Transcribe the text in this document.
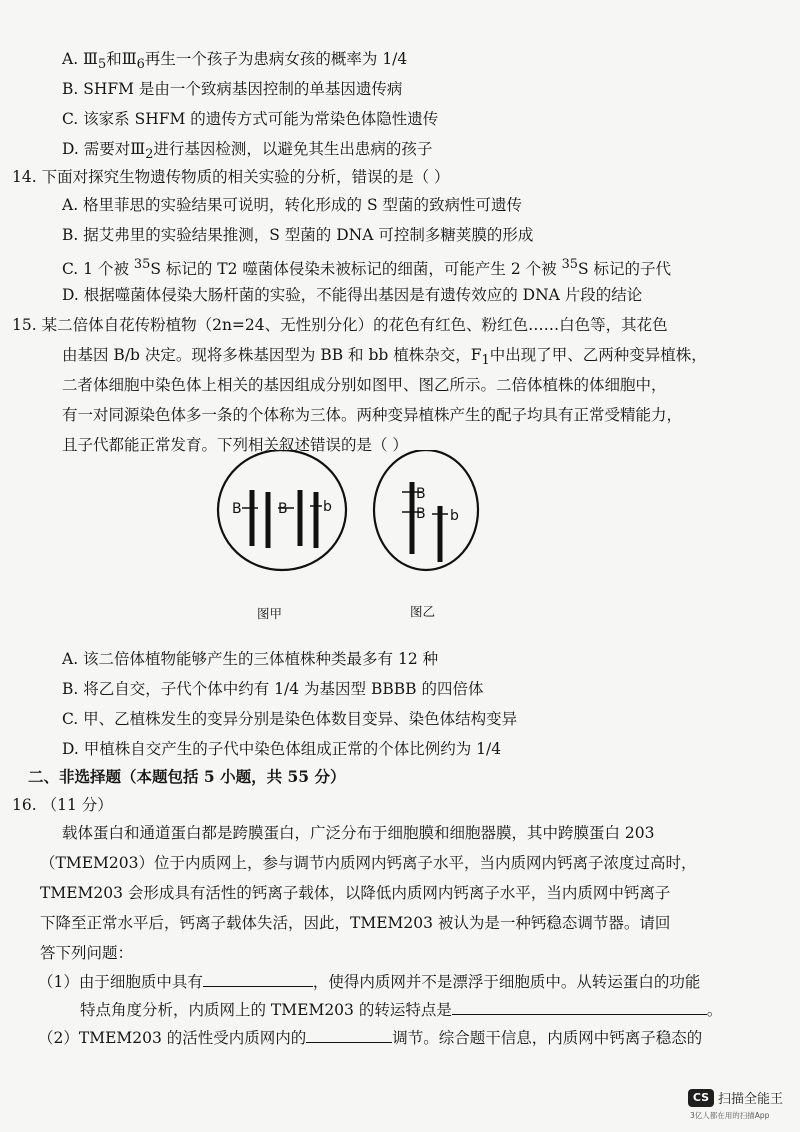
A. $Ⅲ_5$和$Ⅲ_6$再生一个孩子为患病女孩的概率为 1/4
B. SHFM 是由一个致病基因控制的单基因遗传病
C. 该家系 SHFM 的遗传方式可能为常染色体隐性遗传
D. 需要对$Ⅲ_2$进行基因检测，以避免其生出患病的孩子
14. 下面对探究生物遗传物质的相关实验的分析，错误的是（ ）
A. 格里菲思的实验结果可说明，转化形成的 S 型菌的致病性可遗传
B. 据艾弗里的实验结果推测，S 型菌的 DNA 可控制多糖荚膜的形成
C. 1 个被 $^{35}$S 标记的 T2 噬菌体侵染未被标记的细菌，可能产生 2 个被 $^{35}$S 标记的子代
D. 根据噬菌体侵染大肠杆菌的实验，不能得出基因是有遗传效应的 DNA 片段的结论
15. 某二倍体自花传粉植物（2n=24、无性别分化）的花色有红色、粉红色……白色等，其花色
由基因 B/b 决定。现将多株基因型为 BB 和 bb 植株杂交，$F_1$中出现了甲、乙两种变异植株，
二者体细胞中染色体上相关的基因组成分别如图甲、图乙所示。二倍体植株的体细胞中，
有一对同源染色体多一条的个体称为三体。两种变异植株产生的配子均具有正常受精能力，
且子代都能正常发育。下列相关叙述错误的是（ ）
B	B	b
B
B b
图甲	图乙
A. 该二倍体植物能够产生的三体植株种类最多有 12 种
B. 将乙自交，子代个体中约有 1/4 为基因型 BBBB 的四倍体
C. 甲、乙植株发生的变异分别是染色体数目变异、染色体结构变异
D. 甲植株自交产生的子代中染色体组成正常的个体比例约为 1/4
二、非选择题（本题包括 5 小题，共 55 分）
16. （11 分）
载体蛋白和通道蛋白都是跨膜蛋白，广泛分布于细胞膜和细胞器膜，其中跨膜蛋白 203
（TMEM203）位于内质网上，参与调节内质网内钙离子水平，当内质网内钙离子浓度过高时，
TMEM203 会形成具有活性的钙离子载体，以降低内质网内钙离子水平，当内质网中钙离子
下降至正常水平后，钙离子载体失活，因此，TMEM203 被认为是一种钙稳态调节器。请回
答下列问题：
（1）由于细胞质中具有	，使得内质网并不是漂浮于细胞质中。从转运蛋白的功能
特点角度分析，内质网上的 TMEM203 的转运特点是	。
（2）TMEM203 的活性受内质网内的	调节。综合题干信息，内质网中钙离子稳态的
CS 扫描全能王
3亿人都在用的扫描App
